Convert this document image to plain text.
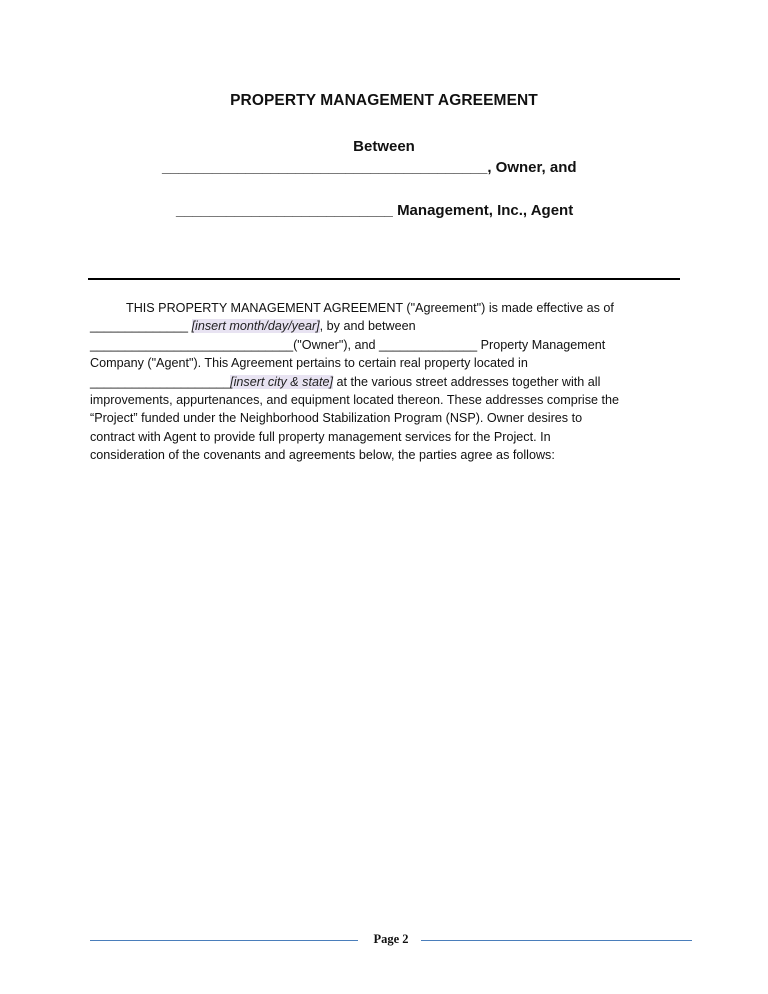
PROPERTY MANAGEMENT AGREEMENT
Between
_______________________________________, Owner, and
__________________________ Management, Inc., Agent
THIS PROPERTY MANAGEMENT AGREEMENT ("Agreement") is made effective as of
______________ [insert month/day/year], by and between
_____________________________("Owner"), and ______________ Property Management
Company ("Agent"). This Agreement pertains to certain real property located in
____________________[insert city & state] at the various street addresses together with all
improvements, appurtenances, and equipment located thereon. These addresses comprise the
“Project” funded under the Neighborhood Stabilization Program (NSP). Owner desires to
contract with Agent to provide full property management services for the Project. In
consideration of the covenants and agreements below, the parties agree as follows:
Page 2
